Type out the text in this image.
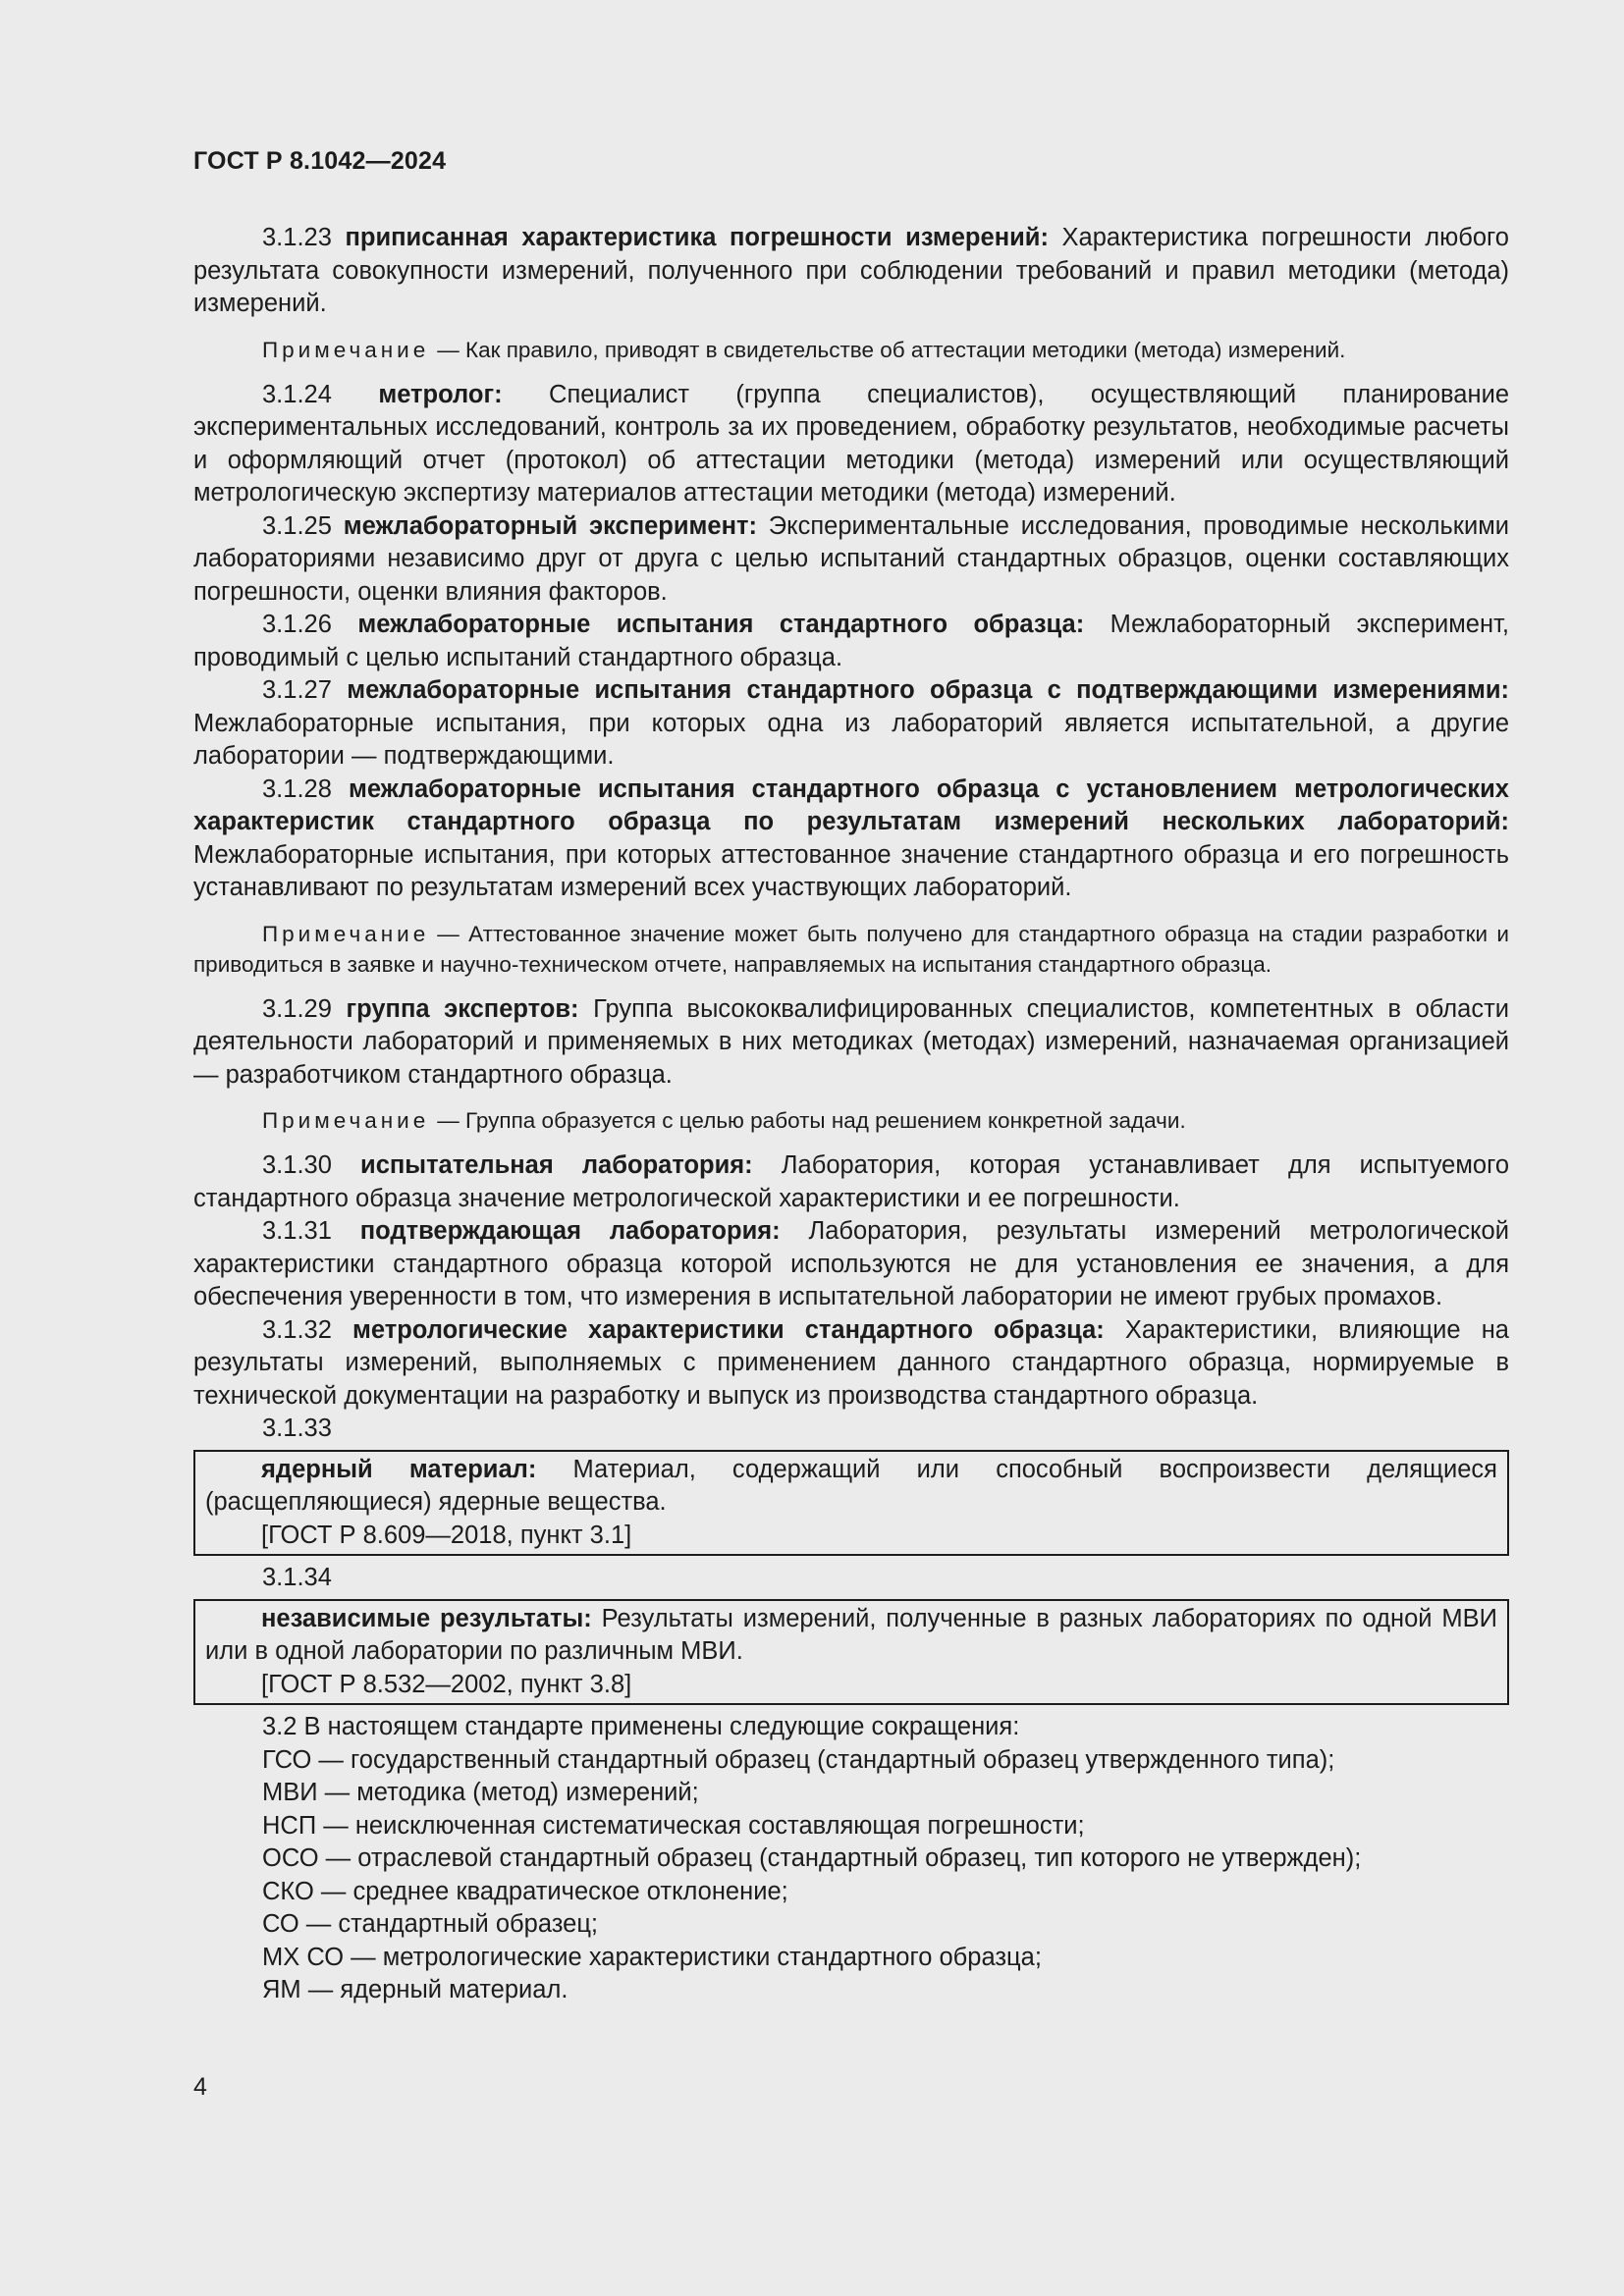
ГОСТ Р 8.1042—2024

3.1.23 приписанная характеристика погрешности измерений: Характеристика погрешности любого результата совокупности измерений, полученного при соблюдении требований и правил методики (метода) измерений.

Примечание — Как правило, приводят в свидетельстве об аттестации методики (метода) измерений.

3.1.24 метролог: Специалист (группа специалистов), осуществляющий планирование экспериментальных исследований, контроль за их проведением, обработку результатов, необходимые расчеты и оформляющий отчет (протокол) об аттестации методики (метода) измерений или осуществляющий метрологическую экспертизу материалов аттестации методики (метода) измерений.

3.1.25 межлабораторный эксперимент: Экспериментальные исследования, проводимые несколькими лабораториями независимо друг от друга с целью испытаний стандартных образцов, оценки составляющих погрешности, оценки влияния факторов.

3.1.26 межлабораторные испытания стандартного образца: Межлабораторный эксперимент, проводимый с целью испытаний стандартного образца.

3.1.27 межлабораторные испытания стандартного образца с подтверждающими измерениями: Межлабораторные испытания, при которых одна из лабораторий является испытательной, а другие лаборатории — подтверждающими.

3.1.28 межлабораторные испытания стандартного образца с установлением метрологических характеристик стандартного образца по результатам измерений нескольких лабораторий: Межлабораторные испытания, при которых аттестованное значение стандартного образца и его погрешность устанавливают по результатам измерений всех участвующих лабораторий.

Примечание — Аттестованное значение может быть получено для стандартного образца на стадии разработки и приводиться в заявке и научно-техническом отчете, направляемых на испытания стандартного образца.

3.1.29 группа экспертов: Группа высококвалифицированных специалистов, компетентных в области деятельности лабораторий и применяемых в них методиках (методах) измерений, назначаемая организацией — разработчиком стандартного образца.

Примечание — Группа образуется с целью работы над решением конкретной задачи.

3.1.30 испытательная лаборатория: Лаборатория, которая устанавливает для испытуемого стандартного образца значение метрологической характеристики и ее погрешности.

3.1.31 подтверждающая лаборатория: Лаборатория, результаты измерений метрологической характеристики стандартного образца которой используются не для установления ее значения, а для обеспечения уверенности в том, что измерения в испытательной лаборатории не имеют грубых промахов.

3.1.32 метрологические характеристики стандартного образца: Характеристики, влияющие на результаты измерений, выполняемых с применением данного стандартного образца, нормируемые в технической документации на разработку и выпуск из производства стандартного образца.

3.1.33

ядерный материал: Материал, содержащий или способный воспроизвести делящиеся (расщепляющиеся) ядерные вещества.

[ГОСТ Р 8.609—2018, пункт 3.1]

3.1.34

независимые результаты: Результаты измерений, полученные в разных лабораториях по одной МВИ или в одной лаборатории по различным МВИ.

[ГОСТ Р 8.532—2002, пункт 3.8]

3.2 В настоящем стандарте применены следующие сокращения:

ГСО — государственный стандартный образец (стандартный образец утвержденного типа);

МВИ — методика (метод) измерений;

НСП — неисключенная систематическая составляющая погрешности;

ОСО — отраслевой стандартный образец (стандартный образец, тип которого не утвержден);

СКО — среднее квадратическое отклонение;

СО — стандартный образец;

МХ СО — метрологические характеристики стандартного образца;

ЯМ — ядерный материал.

4
